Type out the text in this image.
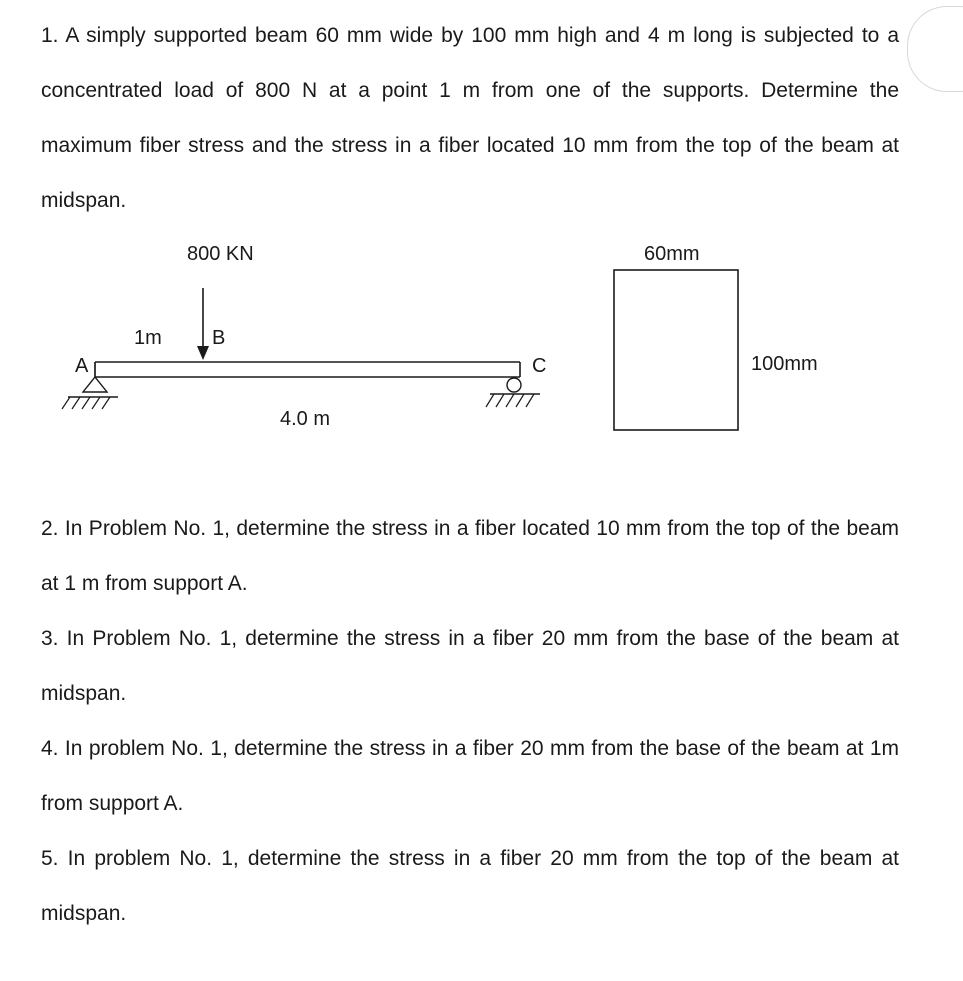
1. A simply supported beam 60 mm wide by 100 mm high and 4 m long is subjected to a concentrated load of 800 N at a point 1 m from one of the supports. Determine the maximum fiber stress and the stress in a fiber located 10 mm from the top of the beam at midspan.

800 KN
1m	B
A	C
4.0 m
60mm
100mm

2. In Problem No. 1, determine the stress in a fiber located 10 mm from the top of the beam at 1 m from support A.

3. In Problem No. 1, determine the stress in a fiber 20 mm from the base of the beam at midspan.

4. In problem No. 1, determine the stress in a fiber 20 mm from the base of the beam at 1m from support A.

5. In problem No. 1, determine the stress in a fiber 20 mm from the top of the beam at midspan.
